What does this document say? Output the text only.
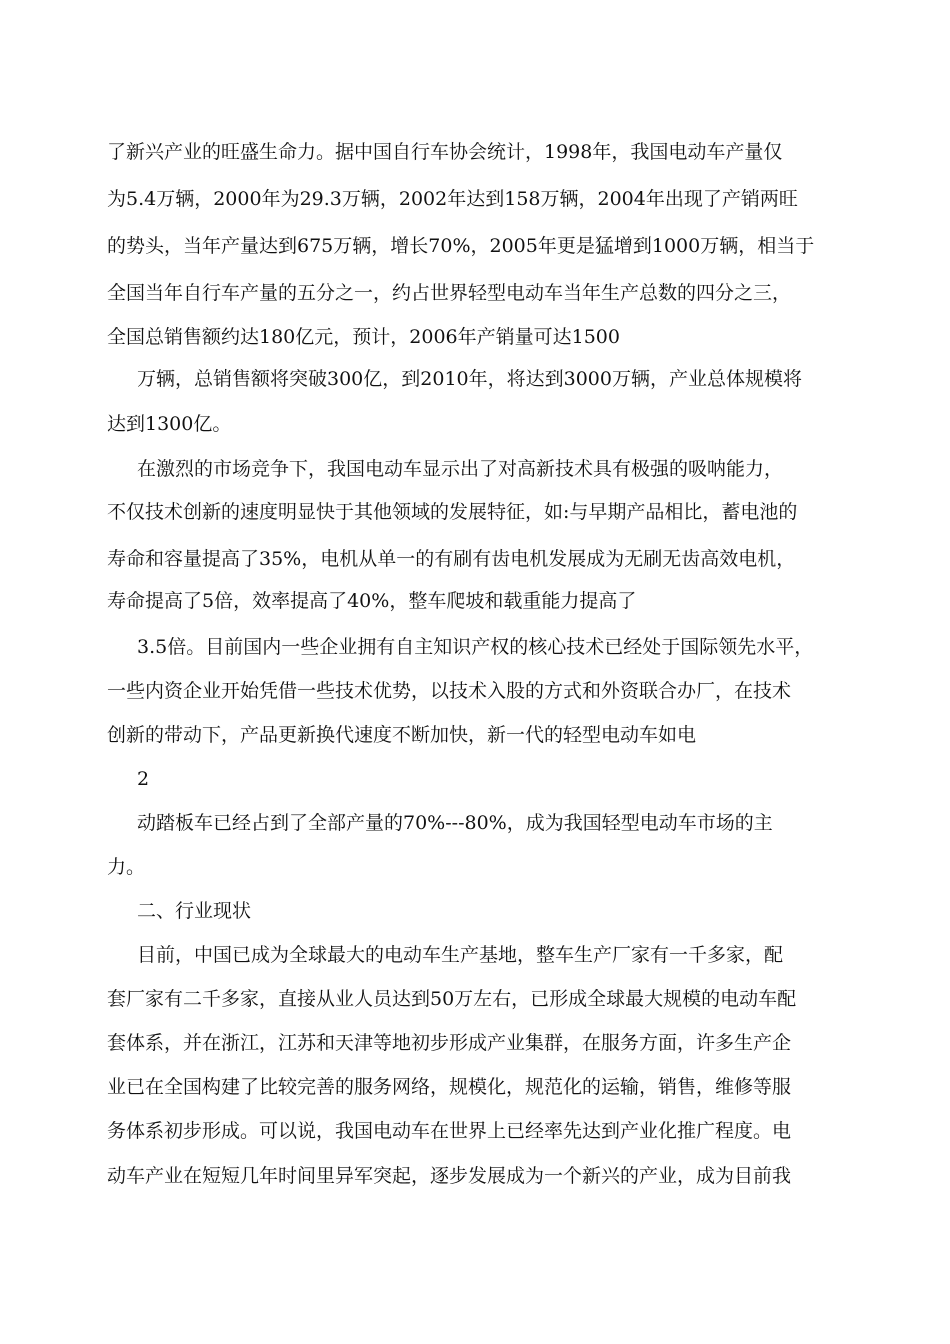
了新兴产业的旺盛生命力。据中国自行车协会统计，1998年，我国电动车产量仅
为5.4万辆，2000年为29.3万辆，2002年达到158万辆，2004年出现了产销两旺
的势头，当年产量达到675万辆，增长70%，2005年更是猛增到1000万辆，相当于
全国当年自行车产量的五分之一，约占世界轻型电动车当年生产总数的四分之三，
全国总销售额约达180亿元，预计，2006年产销量可达1500
万辆，总销售额将突破300亿，到2010年，将达到3000万辆，产业总体规模将
达到1300亿。
在激烈的市场竞争下，我国电动车显示出了对高新技术具有极强的吸呐能力，
不仅技术创新的速度明显快于其他领域的发展特征，如:与早期产品相比，蓄电池的
寿命和容量提高了35%，电机从单一的有刷有齿电机发展成为无刷无齿高效电机，
寿命提高了5倍，效率提高了40%，整车爬坡和载重能力提高了
3.5倍。目前国内一些企业拥有自主知识产权的核心技术已经处于国际领先水平，
一些内资企业开始凭借一些技术优势，以技术入股的方式和外资联合办厂，在技术
创新的带动下，产品更新换代速度不断加快，新一代的轻型电动车如电
2
动踏板车已经占到了全部产量的70%---80%，成为我国轻型电动车市场的主
力。
二、行业现状
目前，中国已成为全球最大的电动车生产基地，整车生产厂家有一千多家，配
套厂家有二千多家，直接从业人员达到50万左右，已形成全球最大规模的电动车配
套体系，并在浙江，江苏和天津等地初步形成产业集群，在服务方面，许多生产企
业已在全国构建了比较完善的服务网络，规模化，规范化的运输，销售，维修等服
务体系初步形成。可以说，我国电动车在世界上已经率先达到产业化推广程度。电
动车产业在短短几年时间里异军突起，逐步发展成为一个新兴的产业，成为目前我
